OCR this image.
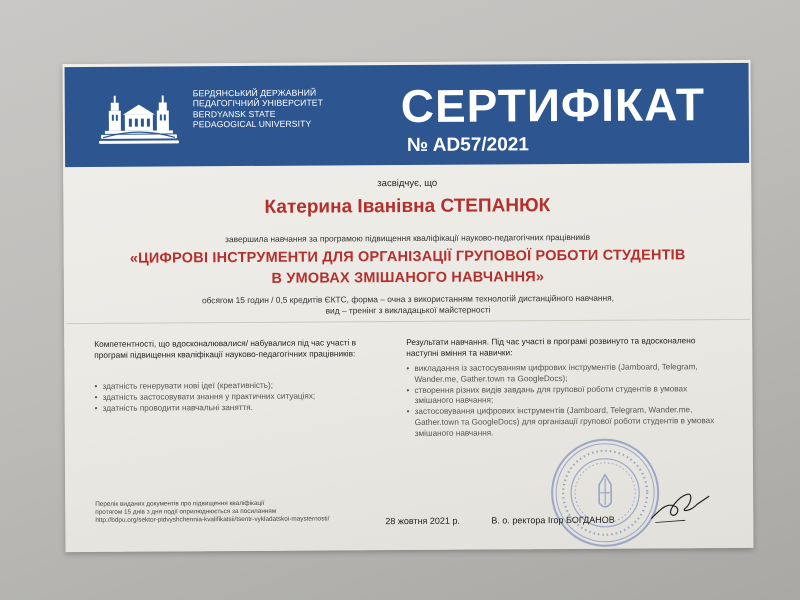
БЕРДЯНСЬКИЙ ДЕРЖАВНИЙ
ПЕДАГОГІЧНИЙ УНІВЕРСИТЕТ
BERDYANSK STATE
PEDAGOGICAL UNIVERSITY СЕРТИФІКАТ
№ AD57/2021
засвідчує, що
Катерина Іванівна СТЕПАНЮК
завершила навчання за програмою підвищення кваліфікації науково-педагогічних працівників
«ЦИФРОВІ ІНСТРУМЕНТИ ДЛЯ ОРГАНІЗАЦІЇ ГРУПОВОЇ РОБОТИ СТУДЕНТІВ
В УМОВАХ ЗМІШАНОГО НАВЧАННЯ»
обсягом 15 годин / 0,5 кредитів ЄКТС, форма – очна з використанням технологій дистанційного навчання,
вид – тренінг з викладацької майстерності
Компетентності, що вдосконалювалися/ набувалися під час участі в програмі підвищення кваліфікації науково-педагогічних працівників:
• здатність генерувати нові ідеї (креативність);
• здатність застосовувати знання у практичних ситуаціях;
• здатність проводити навчальні заняття.
Результати навчання. Під час участі в програмі розвинуто та вдосконалено наступні вміння та навички:
• викладання із застосуванням цифрових інструментів (Jamboard, Telegram, Wander.me, Gather.town та GoogleDocs);
• створення різних видів завдань для групової роботи студентів в умовах змішаного навчання;
• застосовування цифрових інструментів (Jamboard, Telegram, Wander.me, Gather.town та GoogleDocs) для організації групової роботи студентів в умовах змішаного навчання.
Перелік виданих документів про підвищення кваліфікації
протягом 15 днів з дня події оприлюднюється за посиланням
http://bdpu.org/sektor-pidvyshchennia-kvalifikatsii/tsentr-vykladatskoi-maysternosti/	28 жовтня 2021 р.	В. о. ректора Ігор БОГДАНОВ
